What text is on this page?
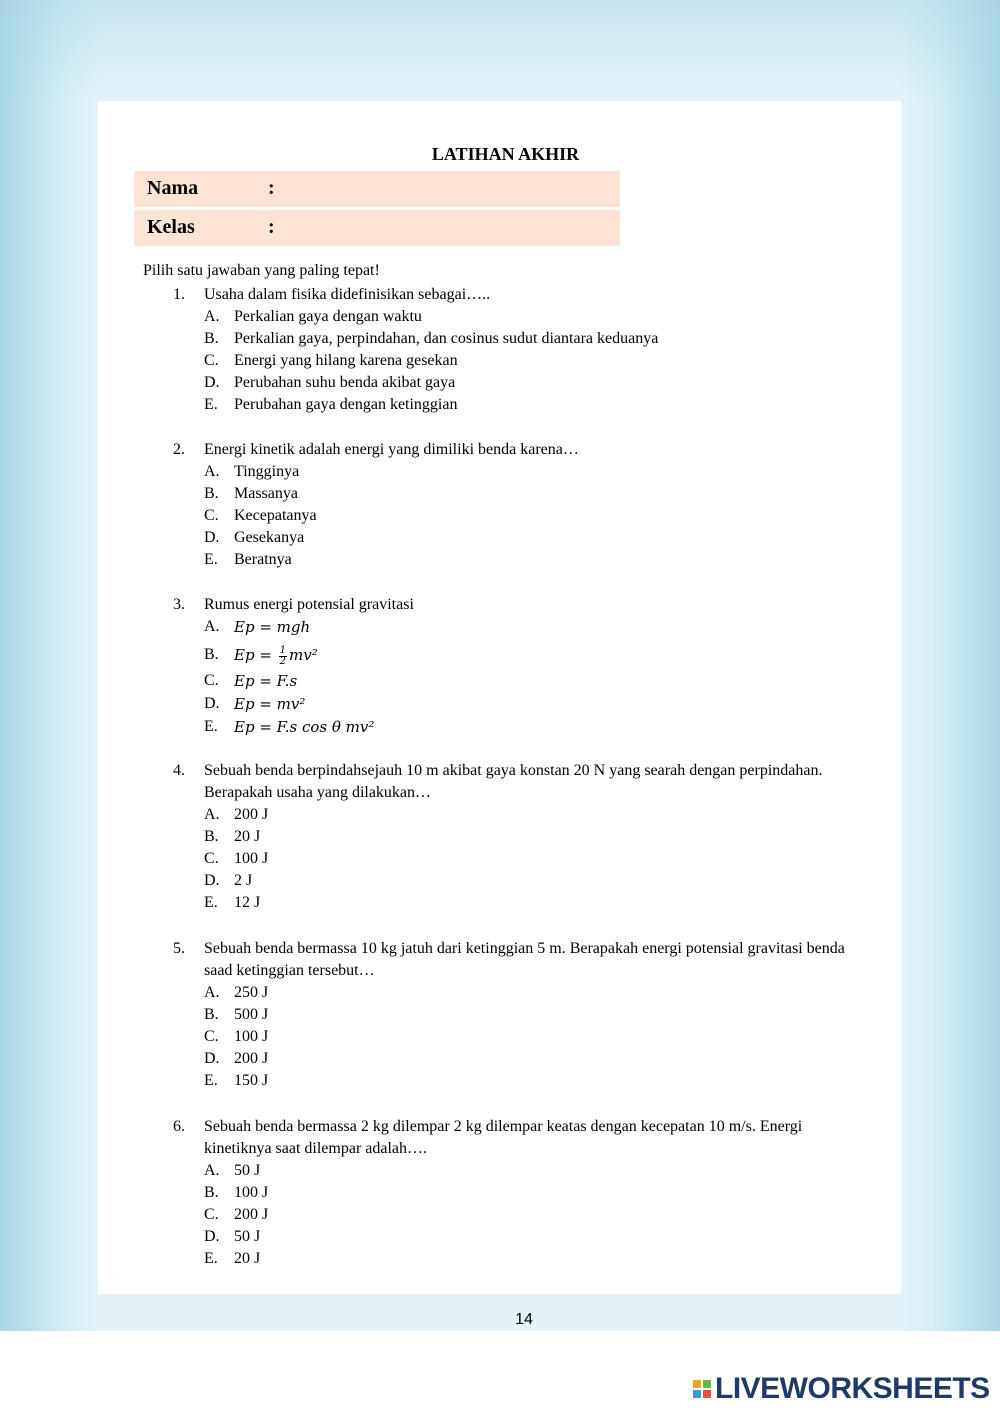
LATIHAN AKHIR
Nama	:
Kelas	:
Pilih satu jawaban yang paling tepat!
1. Usaha dalam fisika didefinisikan sebagai…..
A. Perkalian gaya dengan waktu
B. Perkalian gaya, perpindahan, dan cosinus sudut diantara keduanya
C. Energi yang hilang karena gesekan
D. Perubahan suhu benda akibat gaya
E. Perubahan gaya dengan ketinggian
2. Energi kinetik adalah energi yang dimiliki benda karena…
A. Tingginya
B. Massanya
C. Kecepatanya
D. Gesekanya
E. Beratnya
3. Rumus energi potensial gravitasi
A. Ep = mgh
B. $Ep = \frac{1}{2} mv^2$
C. Ep = F.s
D. Ep = mv²
E. Ep = F.s cos θ mv²
4. Sebuah benda berpindahsejauh 10 m akibat gaya konstan 20 N yang searah dengan perpindahan.
Berapakah usaha yang dilakukan…
A. 200 J
B. 20 J
C. 100 J
D. 2 J
E. 12 J
5. Sebuah benda bermassa 10 kg jatuh dari ketinggian 5 m. Berapakah energi potensial gravitasi benda
saad ketinggian tersebut…
A. 250 J
B. 500 J
C. 100 J
D. 200 J
E. 150 J
6. Sebuah benda bermassa 2 kg dilempar 2 kg dilempar keatas dengan kecepatan 10 m/s. Energi
kinetiknya saat dilempar adalah….
A. 50 J
B. 100 J
C. 200 J
D. 50 J
E. 20 J
14
LIVEWORKSHEETS
